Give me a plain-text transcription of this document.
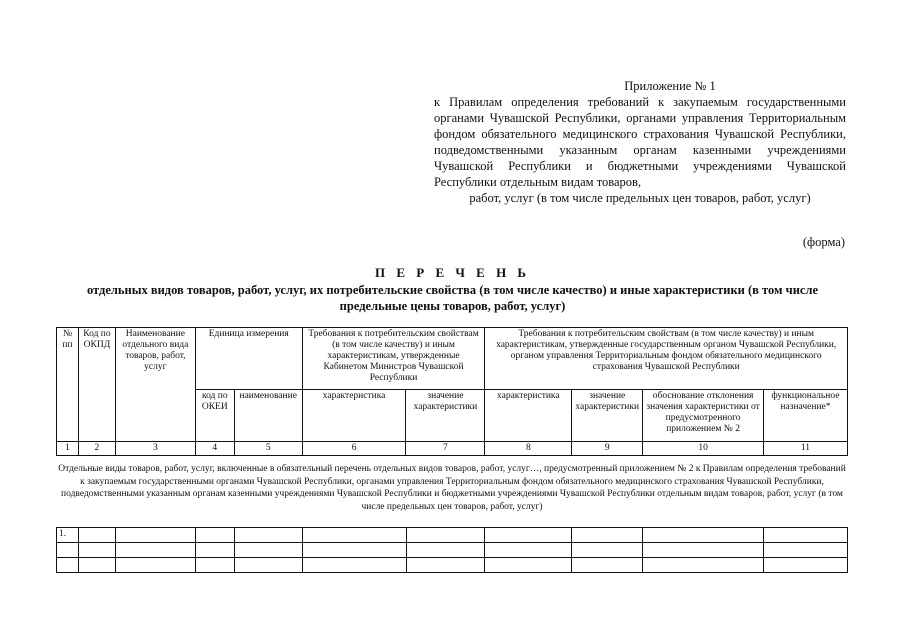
Приложение № 1
к Правилам определения требований к закупаемым государственными органами Чувашской Республики, органами управления Территориальным фондом обязательного медицинского страхования Чувашской Республики, подведомственными указанным органам казенными учреждениями Чувашской Республики и бюджетными учреждениями Чувашской Республики отдельным видам товаров,
работ, услуг (в том числе предельных цен товаров, работ, услуг)
(форма)
П Е Р Е Ч Е Н Ь
отдельных видов товаров, работ, услуг, их потребительские свойства (в том числе качество) и иные характеристики (в том числе предельные цены товаров, работ, услуг)
№ пп	Код по ОКПД	Наименование отдельного вида товаров, работ, услуг	Единица измерения		Требования к потребительским свойствам (в том числе качеству) и иным характеристикам, утвержденные Кабинетом Министров Чувашской Республики		Требования к потребительским свойствам (в том числе качеству) и иным характеристикам, утвержденные государственным органом Чувашской Республики, органом управления Территориальным фондом обязательного медицинского страхования Чувашской Республики			
			код по ОКЕИ	наименование	характеристика	значение характеристики	характеристика	значение характеристики	обоснование отклонения значения характеристики от предусмотренного приложением № 2	функциональное назначение*
1	2	3	4	5	6	7	8	9	10	11
Отдельные виды товаров, работ, услуг, включенные в обязательный перечень отдельных видов товаров, работ, услуг…, предусмотренный приложением № 2 к Правилам определения требований к закупаемым государственными органами Чувашской Республики, органами управления Территориальным фондом обязательного медицинского страхования Чувашской Республики, подведомственными указанным органам казенными учреждениями Чувашской Республики и бюджетными учреждениями Чувашской Республики отдельным видам товаров, работ, услуг (в том числе предельных цен товаров, работ, услуг)
1.										
